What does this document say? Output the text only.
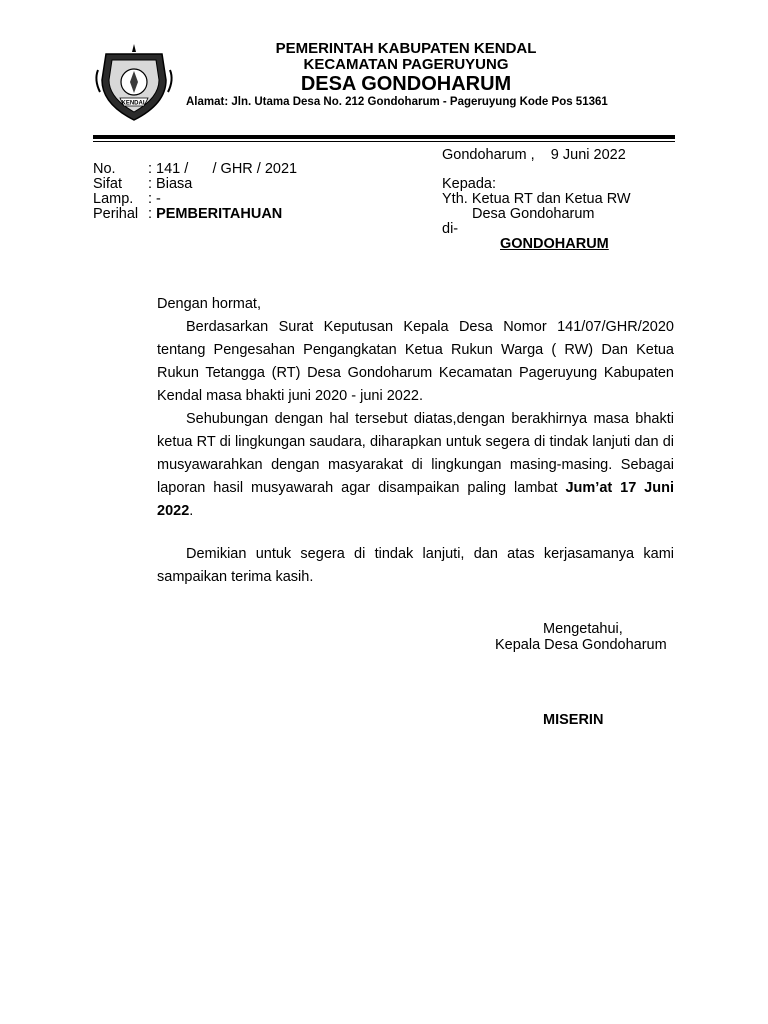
KENDAL
PEMERINTAH KABUPATEN KENDAL
KECAMATAN PAGERUYUNG
DESA GONDOHARUM
Alamat: Jln. Utama Desa No. 212 Gondoharum - Pageruyung Kode Pos 51361
Gondoharum ,    9 Juni 2022
No. : 141 /      / GHR / 2021
Sifat : Biasa
Lamp. : -
Perihal : PEMBERITAHUAN
Kepada:
Yth. Ketua RT dan Ketua RW
Desa Gondoharum
di-
GONDOHARUM
Dengan hormat,

Berdasarkan Surat Keputusan Kepala Desa Nomor 141/07/GHR/2020 tentang Pengesahan Pengangkatan Ketua Rukun Warga ( RW) Dan Ketua Rukun Tetangga (RT) Desa Gondoharum Kecamatan Pageruyung Kabupaten Kendal masa bhakti juni 2020 - juni 2022.

Sehubungan dengan hal tersebut diatas,dengan berakhirnya masa bhakti ketua RT di lingkungan saudara, diharapkan untuk segera di tindak lanjuti dan di musyawarahkan dengan masyarakat di lingkungan masing-masing. Sebagai laporan hasil musyawarah agar disampaikan paling lambat Jum’at 17 Juni 2022.

Demikian untuk segera di tindak lanjuti, dan atas kerjasamanya kami sampaikan terima kasih.

Mengetahui,
Kepala Desa Gondoharum
MISERIN
